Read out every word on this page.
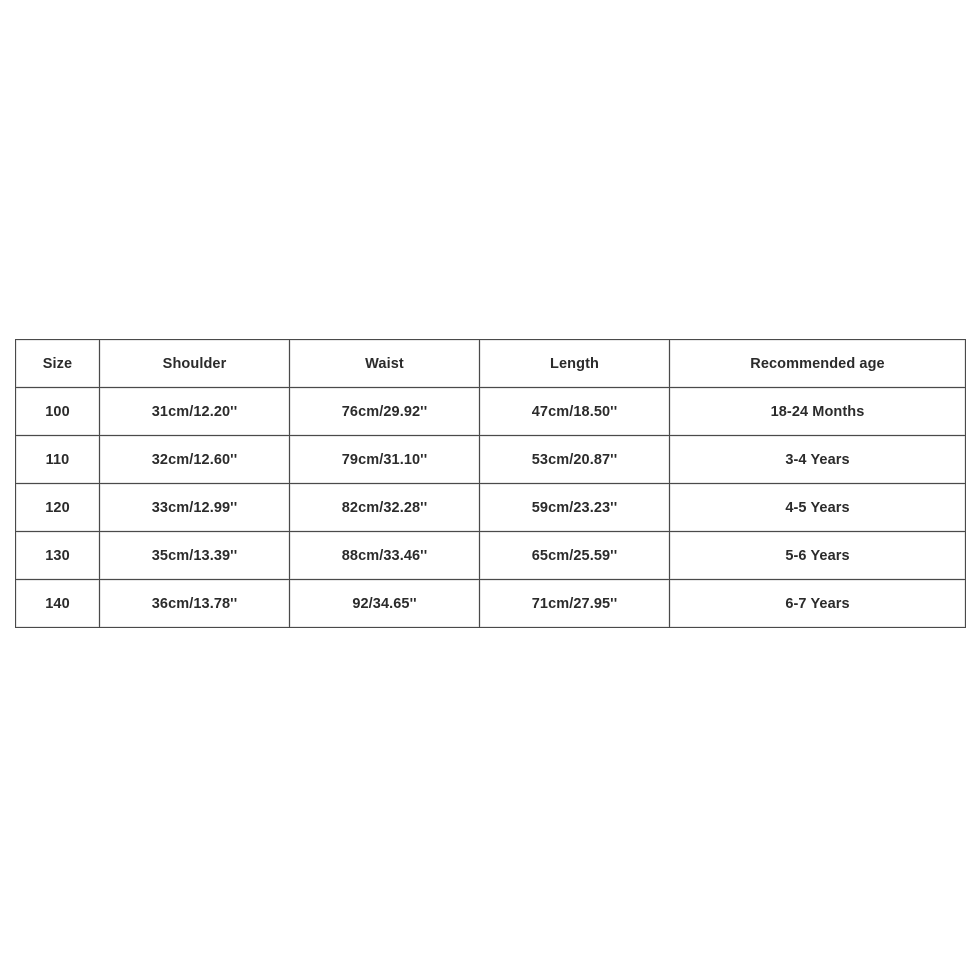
Size	Shoulder	Waist	Length	Recommended age
100	31cm/12.20''	76cm/29.92''	47cm/18.50''	18-24 Months
110	32cm/12.60''	79cm/31.10''	53cm/20.87''	3-4 Years
120	33cm/12.99''	82cm/32.28''	59cm/23.23''	4-5 Years
130	35cm/13.39''	88cm/33.46''	65cm/25.59''	5-6 Years
140	36cm/13.78''	92/34.65''	71cm/27.95''	6-7 Years
